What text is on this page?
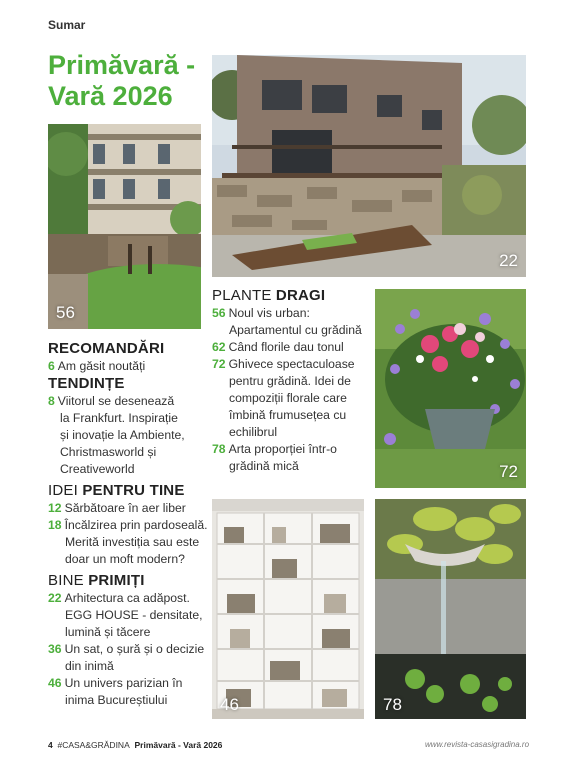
Sumar
Primăvară -
Vară 2026
56
22
72
46	78
RECOMANDĂRI
6 Am găsit noutăți
TENDINȚE
8 Viitorul se desenează
la Frankfurt. Inspirație
și inovație la Ambiente,
Christmasworld și
Creativeworld
IDEI PENTRU TINE
12 Sărbătoare în aer liber
18 Încălzirea prin pardoseală.
Merită investiția sau este
doar un moft modern?
BINE PRIMIȚI
22 Arhitectura ca adăpost.
EGG HOUSE - densitate,
lumină și tăcere
36 Un sat, o șură și o decizie
din inimă
46 Un univers parizian în
inima Bucureștiului
PLANTE DRAGI
56 Noul vis urban:
Apartamentul cu grădină
62 Când florile dau tonul
72 Ghivece spectaculoase
pentru grădină. Idei de
compoziții florale care
îmbină frumusețea cu
echilibrul
78 Arta proporției într-o
grădină mică
4 #CASA&GRĂDINA Primăvară - Vară 2026	www.revista-casasigradina.ro
